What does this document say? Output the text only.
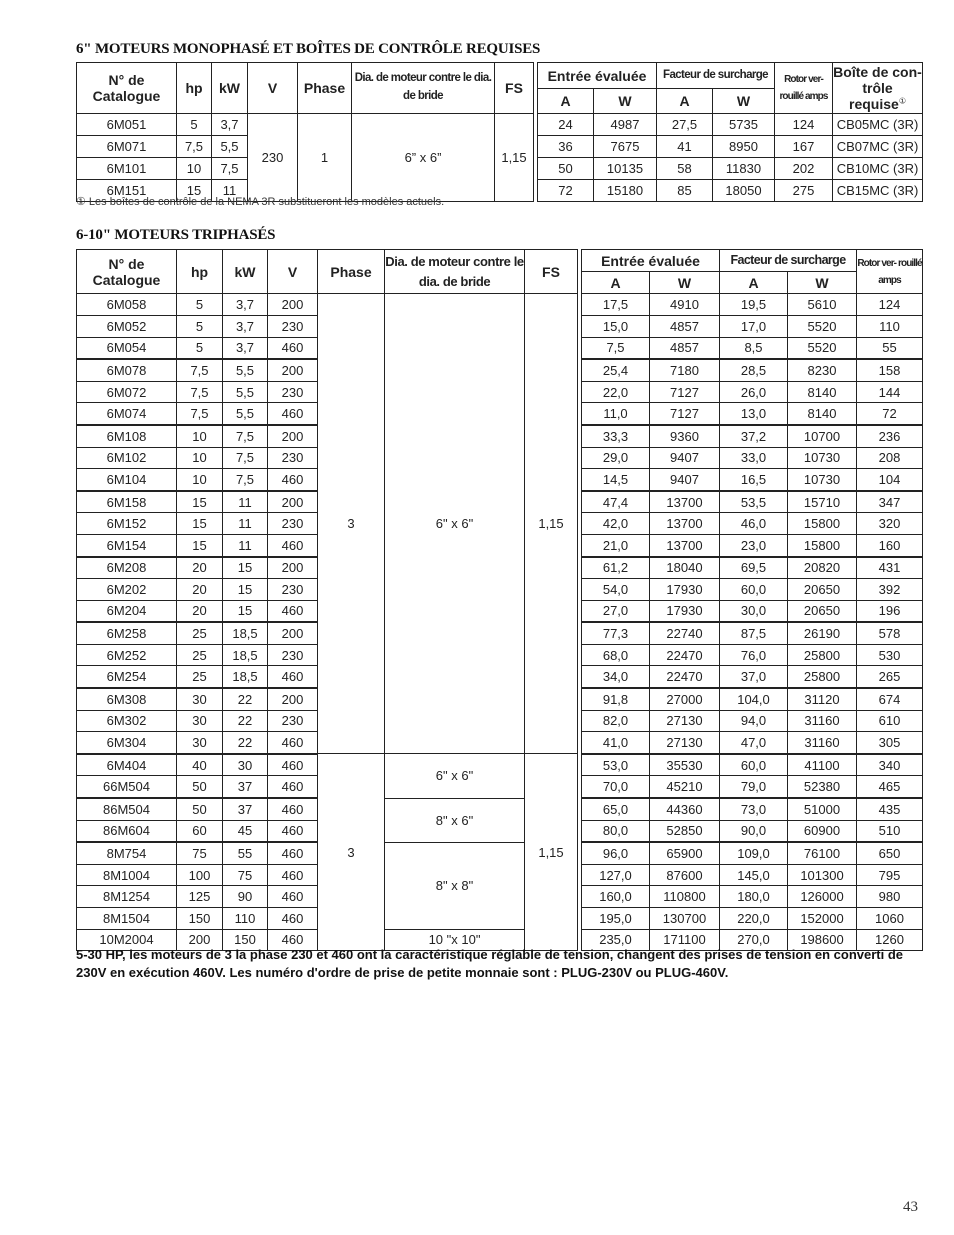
6" MOTEURS MONOPHASÉ ET BOÎTES DE CONTRÔLE REQUISES
N° de Catalogue	hp	kW	V	Phase	Dia. de moteur contre le dia. de bride	FS		Entrée évaluée		Facteur de surcharge		Rotor ver- rouillé amps	Boîte de con- trôle requise①
								A	W	A	W		
6M051	5	3,7	230	1	6” x 6”	1,15		24	4987	27,5	5735	124	CB05MC (3R)
6M071	7,5	5,5						36	7675	41	8950	167	CB07MC (3R)
6M101	10	7,5						50	10135	58	11830	202	CB10MC (3R)
6M151	15	11						72	15180	85	18050	275	CB15MC (3R)
① Les boîtes de contrôle de la NEMA 3R substitueront les modèles actuels.
6-10" MOTEURS TRIPHASÉS
N° de Catalogue	hp	kW	V	Phase	Dia. de moteur contre le dia. de bride	FS		Entrée évaluée		Facteur de surcharge		Rotor ver- rouillé amps
								A	W	A	W	
6M058	5	3,7	200	3	6" x 6"	1,15		17,5	4910	19,5	5610	124
6M052	5	3,7	230					15,0	4857	17,0	5520	110
6M054	5	3,7	460					7,5	4857	8,5	5520	55
6M078	7,5	5,5	200					25,4	7180	28,5	8230	158
6M072	7,5	5,5	230					22,0	7127	26,0	8140	144
6M074	7,5	5,5	460					11,0	7127	13,0	8140	72
6M108	10	7,5	200					33,3	9360	37,2	10700	236
6M102	10	7,5	230					29,0	9407	33,0	10730	208
6M104	10	7,5	460					14,5	9407	16,5	10730	104
6M158	15	11	200					47,4	13700	53,5	15710	347
6M152	15	11	230					42,0	13700	46,0	15800	320
6M154	15	11	460					21,0	13700	23,0	15800	160
6M208	20	15	200					61,2	18040	69,5	20820	431
6M202	20	15	230					54,0	17930	60,0	20650	392
6M204	20	15	460					27,0	17930	30,0	20650	196
6M258	25	18,5	200					77,3	22740	87,5	26190	578
6M252	25	18,5	230					68,0	22470	76,0	25800	530
6M254	25	18,5	460					34,0	22470	37,0	25800	265
6M308	30	22	200					91,8	27000	104,0	31120	674
6M302	30	22	230					82,0	27130	94,0	31160	610
6M304	30	22	460					41,0	27130	47,0	31160	305
6M404	40	30	460	3	6" x 6"	1,15		53,0	35530	60,0	41100	340
66M504	50	37	460					70,0	45210	79,0	52380	465
86M504	50	37	460		8" x 6"			65,0	44360	73,0	51000	435
86M604	60	45	460					80,0	52850	90,0	60900	510
8M754	75	55	460		8" x 8"			96,0	65900	109,0	76100	650
8M1004	100	75	460					127,0	87600	145,0	101300	795
8M1254	125	90	460					160,0	110800	180,0	126000	980
8M1504	150	110	460					195,0	130700	220,0	152000	1060
10M2004	200	150	460		10 "x 10"			235,0	171100	270,0	198600	1260
5-30 HP, les moteurs de 3 la phase 230 et 460 ont la caractéristique réglable de tension, changent des prises de tension en converti de 230V en exécution 460V. Les numéro d'ordre de prise de petite monnaie sont : PLUG-230V ou PLUG-460V.
43
